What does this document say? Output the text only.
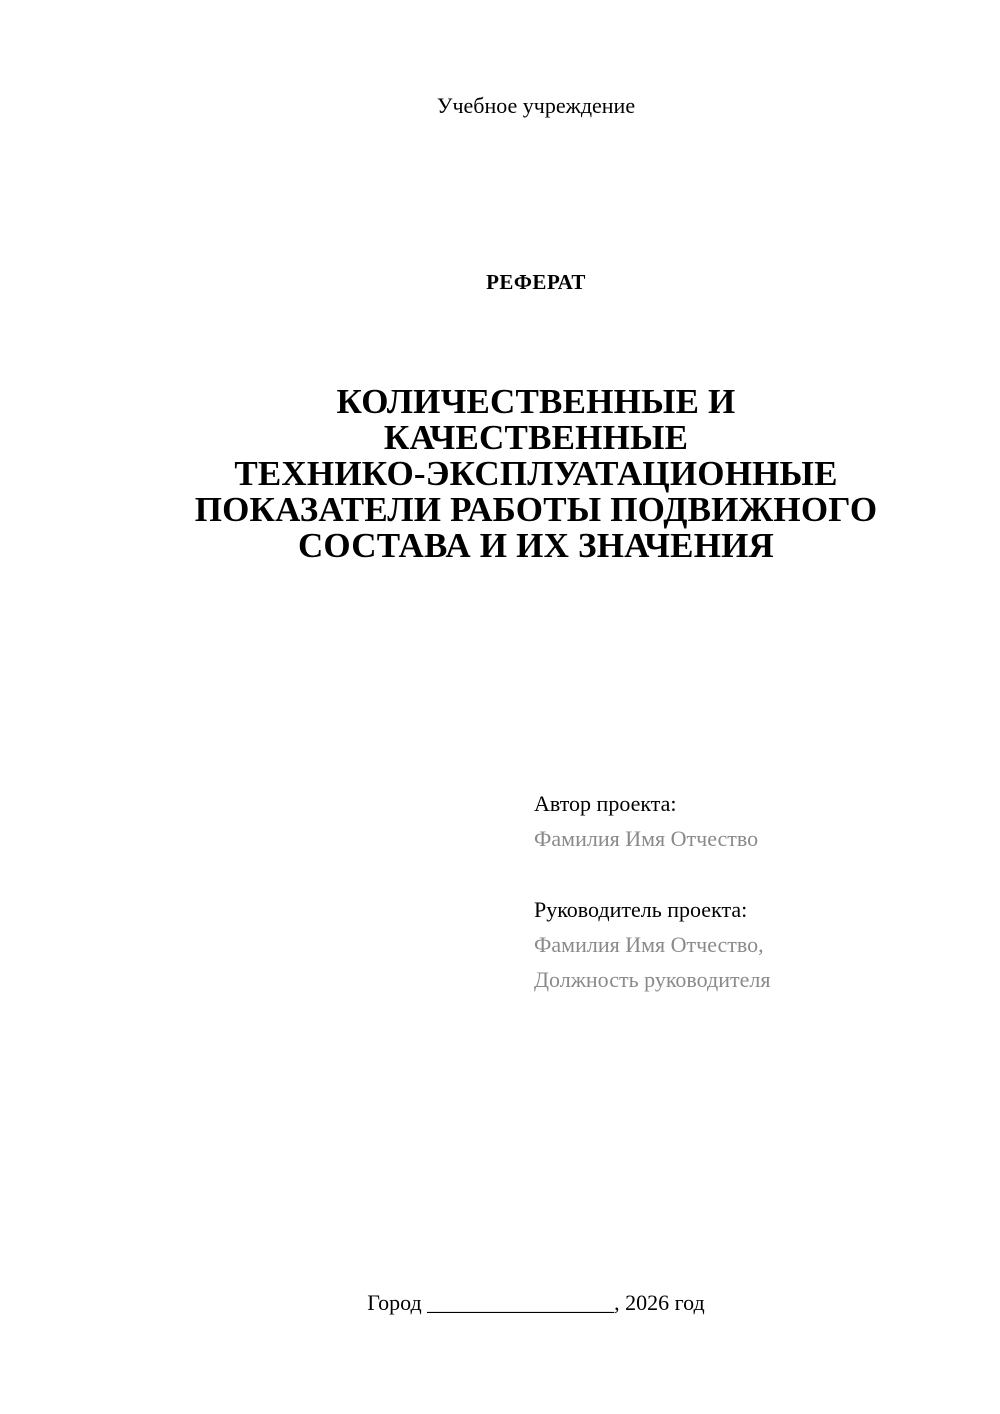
Учебное учреждение
РЕФЕРАТ
КОЛИЧЕСТВЕННЫЕ И
КАЧЕСТВЕННЫЕ
ТЕХНИКО-ЭКСПЛУАТАЦИОННЫЕ
ПОКАЗАТЕЛИ РАБОТЫ ПОДВИЖНОГО
СОСТАВА И ИХ ЗНАЧЕНИЯ
Автор проекта:
Фамилия Имя Отчество
Руководитель проекта:
Фамилия Имя Отчество,
Должность руководителя
Город _________________, 2026 год
